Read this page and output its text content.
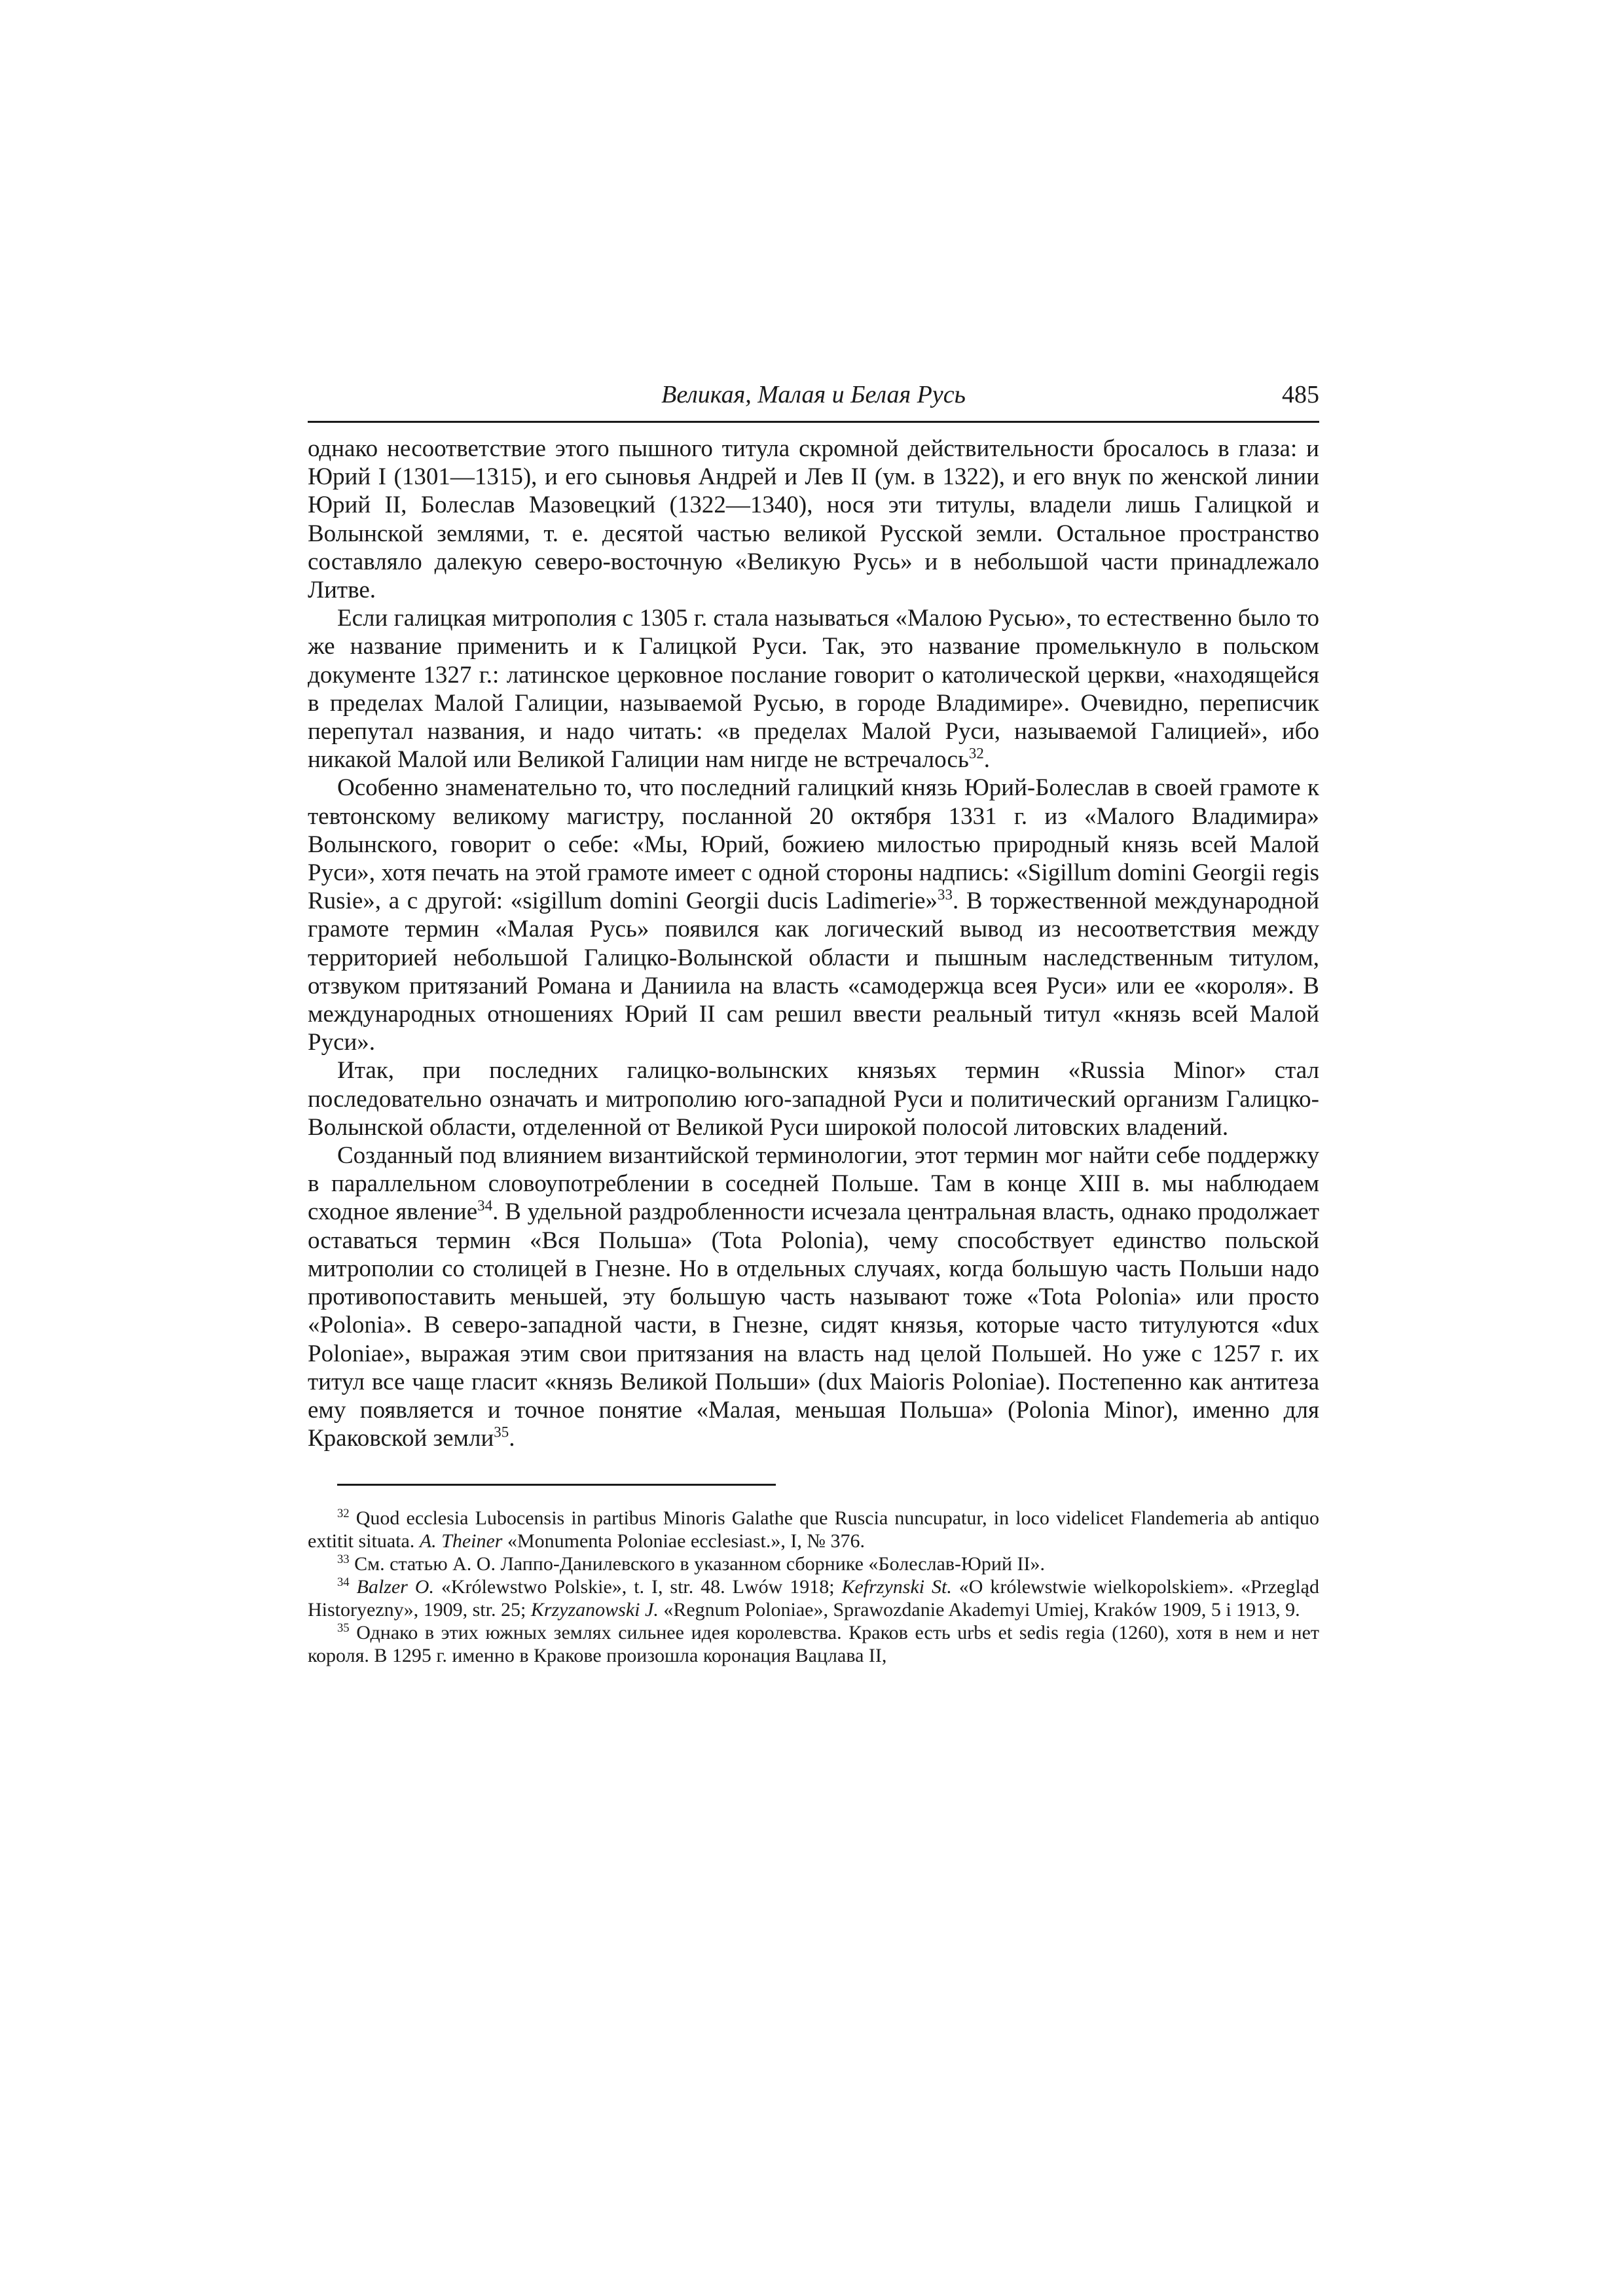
Великая, Малая и Белая Русь	485

однако несоответствие этого пышного титула скромной действительности бросалось в глаза: и Юрий I (1301—1315), и его сыновья Андрей и Лев II (ум. в 1322), и его внук по женской линии Юрий II, Болеслав Мазовецкий (1322—1340), нося эти титулы, владели лишь Галицкой и Волынской землями, т. е. десятой частью великой Русской земли. Остальное пространство составляло далекую северо-восточную «Великую Русь» и в небольшой части принадлежало Литве.

Если галицкая митрополия с 1305 г. стала называться «Малою Русью», то естественно было то же название применить и к Галицкой Руси. Так, это название промелькнуло в польском документе 1327 г.: латинское церковное послание говорит о католической церкви, «находящейся в пределах Малой Галиции, называемой Русью, в городе Владимире». Очевидно, переписчик перепутал названия, и надо читать: «в пределах Малой Руси, называемой Галицией», ибо никакой Малой или Великой Галиции нам нигде не встречалось$^{32}$.

Особенно знаменательно то, что последний галицкий князь Юрий-Болеслав в своей грамоте к тевтонскому великому магистру, посланной 20 октября 1331 г. из «Малого Владимира» Волынского, говорит о себе: «Мы, Юрий, божиею милостью природный князь всей Малой Руси», хотя печать на этой грамоте имеет с одной стороны надпись: «Sigillum domini Georgii regis Rusie», а с другой: «sigillum domini Georgii ducis Ladimerie»$^{33}$. В торжественной международной грамоте термин «Малая Русь» появился как логический вывод из несоответствия между территорией небольшой Галицко-Волынской области и пышным наследственным титулом, отзвуком притязаний Романа и Даниила на власть «самодержца всея Руси» или ее «короля». В международных отношениях Юрий II сам решил ввести реальный титул «князь всей Малой Руси».

Итак, при последних галицко-волынских князьях термин «Russia Minor» стал последовательно означать и митрополию юго-западной Руси и политический организм Галицко-Волынской области, отделенной от Великой Руси широкой полосой литовских владений.

Созданный под влиянием византийской терминологии, этот термин мог найти себе поддержку в параллельном словоупотреблении в соседней Польше. Там в конце XIII в. мы наблюдаем сходное явление$^{34}$. В удельной раздробленности исчезала центральная власть, однако продолжает оставаться термин «Вся Польша» (Tota Polonia), чему способствует единство польской митрополии со столицей в Гнезне. Но в отдельных случаях, когда большую часть Польши надо противопоставить меньшей, эту большую часть называют тоже «Tota Polonia» или просто «Polonia». В северо-западной части, в Гнезне, сидят князья, которые часто титулуются «dux Poloniae», выражая этим свои притязания на власть над целой Польшей. Но уже с 1257 г. их титул все чаще гласит «князь Великой Польши» (dux Maioris Poloniae). Постепенно как антитеза ему появляется и точное понятие «Малая, меньшая Польша» (Polonia Minor), именно для Краковской земли$^{35}$.

$^{32}$ Quod ecclesia Lubocensis in partibus Minoris Galathe que Ruscia nuncupatur, in loco videlicet Flandemeria ab antiquo extitit situata. A. Theiner «Monumenta Poloniae ecclesiast.», I, № 376.

$^{33}$ См. статью А. О. Лаппо-Данилевского в указанном сборнике «Болеслав-Юрий II».

$^{34}$ Balzer O. «Królewstwo Polskie», t. I, str. 48. Lwów 1918; Kefrzynski St. «O królewstwie wielkopolskiem». «Przegląd Historyezny», 1909, str. 25; Krzyzanowski J. «Regnum Poloniae», Sprawozdanie Akademyi Umiej, Kraków 1909, 5 i 1913, 9.

$^{35}$ Однако в этих южных землях сильнее идея королевства. Краков есть urbs et sedis regia (1260), хотя в нем и нет короля. В 1295 г. именно в Кракове произошла коронация Вацлава II,
